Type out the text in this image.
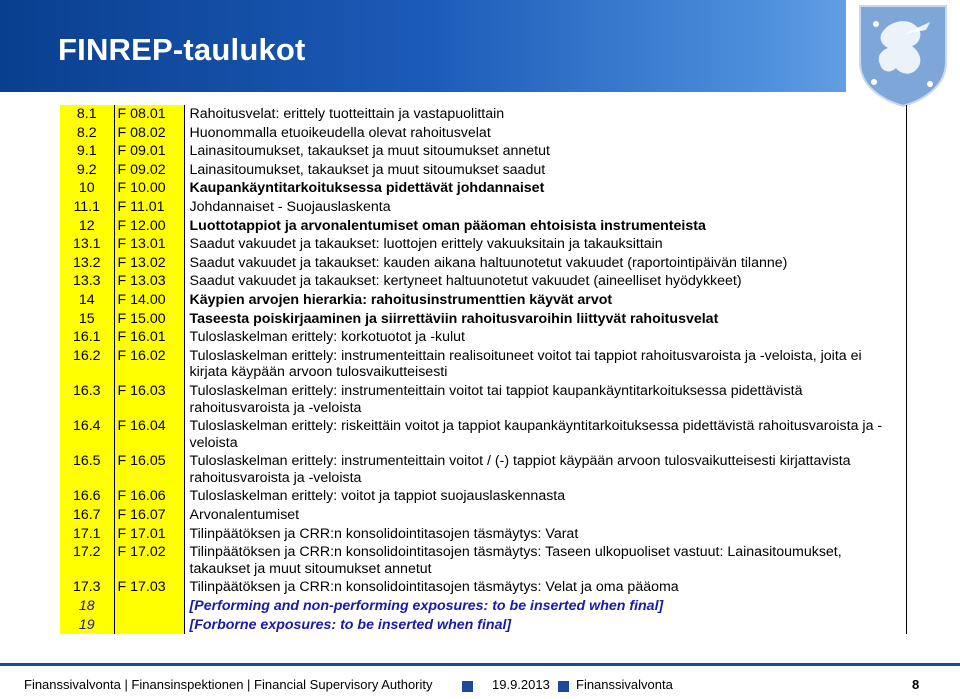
FINREP-taulukot
8.1	F 08.01	Rahoitusvelat: erittely tuotteittain ja vastapuolittain
8.2	F 08.02	Huonommalla etuoikeudella olevat rahoitusvelat
9.1	F 09.01	Lainasitoumukset, takaukset ja muut sitoumukset annetut
9.2	F 09.02	Lainasitoumukset, takaukset ja muut sitoumukset saadut
10	F 10.00	Kaupankäyntitarkoituksessa pidettävät johdannaiset
11.1	F 11.01	Johdannaiset - Suojauslaskenta
12	F 12.00	Luottotappiot ja arvonalentumiset oman pääoman ehtoisista instrumenteista
13.1	F 13.01	Saadut vakuudet ja takaukset: luottojen erittely vakuuksitain ja takauksittain
13.2	F 13.02	Saadut vakuudet ja takaukset: kauden aikana haltuunotetut vakuudet (raportointipäivän tilanne)
13.3	F 13.03	Saadut vakuudet ja takaukset: kertyneet haltuunotetut vakuudet (aineelliset hyödykkeet)
14	F 14.00	Käypien arvojen hierarkia: rahoitusinstrumenttien käyvät arvot
15	F 15.00	Taseesta poiskirjaaminen ja siirrettäviin rahoitusvaroihin liittyvät rahoitusvelat
16.1	F 16.01	Tuloslaskelman erittely: korkotuotot ja -kulut
16.2	F 16.02	Tuloslaskelman erittely: instrumenteittain realisoituneet voitot tai tappiot rahoitusvaroista ja -veloista, joita ei kirjata käypään arvoon tulosvaikutteisesti
16.3	F 16.03	Tuloslaskelman erittely: instrumenteittain voitot tai tappiot kaupankäyntitarkoituksessa pidettävistä rahoitusvaroista ja -veloista
16.4	F 16.04	Tuloslaskelman erittely: riskeittäin voitot ja tappiot kaupankäyntitarkoituksessa pidettävistä rahoitusvaroista ja -veloista
16.5	F 16.05	Tuloslaskelman erittely: instrumenteittain voitot / (-) tappiot käypään arvoon tulosvaikutteisesti kirjattavista rahoitusvaroista ja -veloista
16.6	F 16.06	Tuloslaskelman erittely: voitot ja tappiot suojauslaskennasta
16.7	F 16.07	Arvonalentumiset
17.1	F 17.01	Tilinpäätöksen ja CRR:n konsolidointitasojen täsmäytys: Varat
17.2	F 17.02	Tilinpäätöksen ja CRR:n konsolidointitasojen täsmäytys: Taseen ulkopuoliset vastuut: Lainasitoumukset, takaukset ja muut sitoumukset annetut
17.3	F 17.03	Tilinpäätöksen ja CRR:n konsolidointitasojen täsmäytys: Velat ja oma pääoma
18		[Performing and non-performing exposures: to be inserted when final]
19		[Forborne exposures: to be inserted when final]
Finanssivalvonta | Finansinspektionen | Financial Supervisory Authority	19.9.2013 Finanssivalvonta	8
